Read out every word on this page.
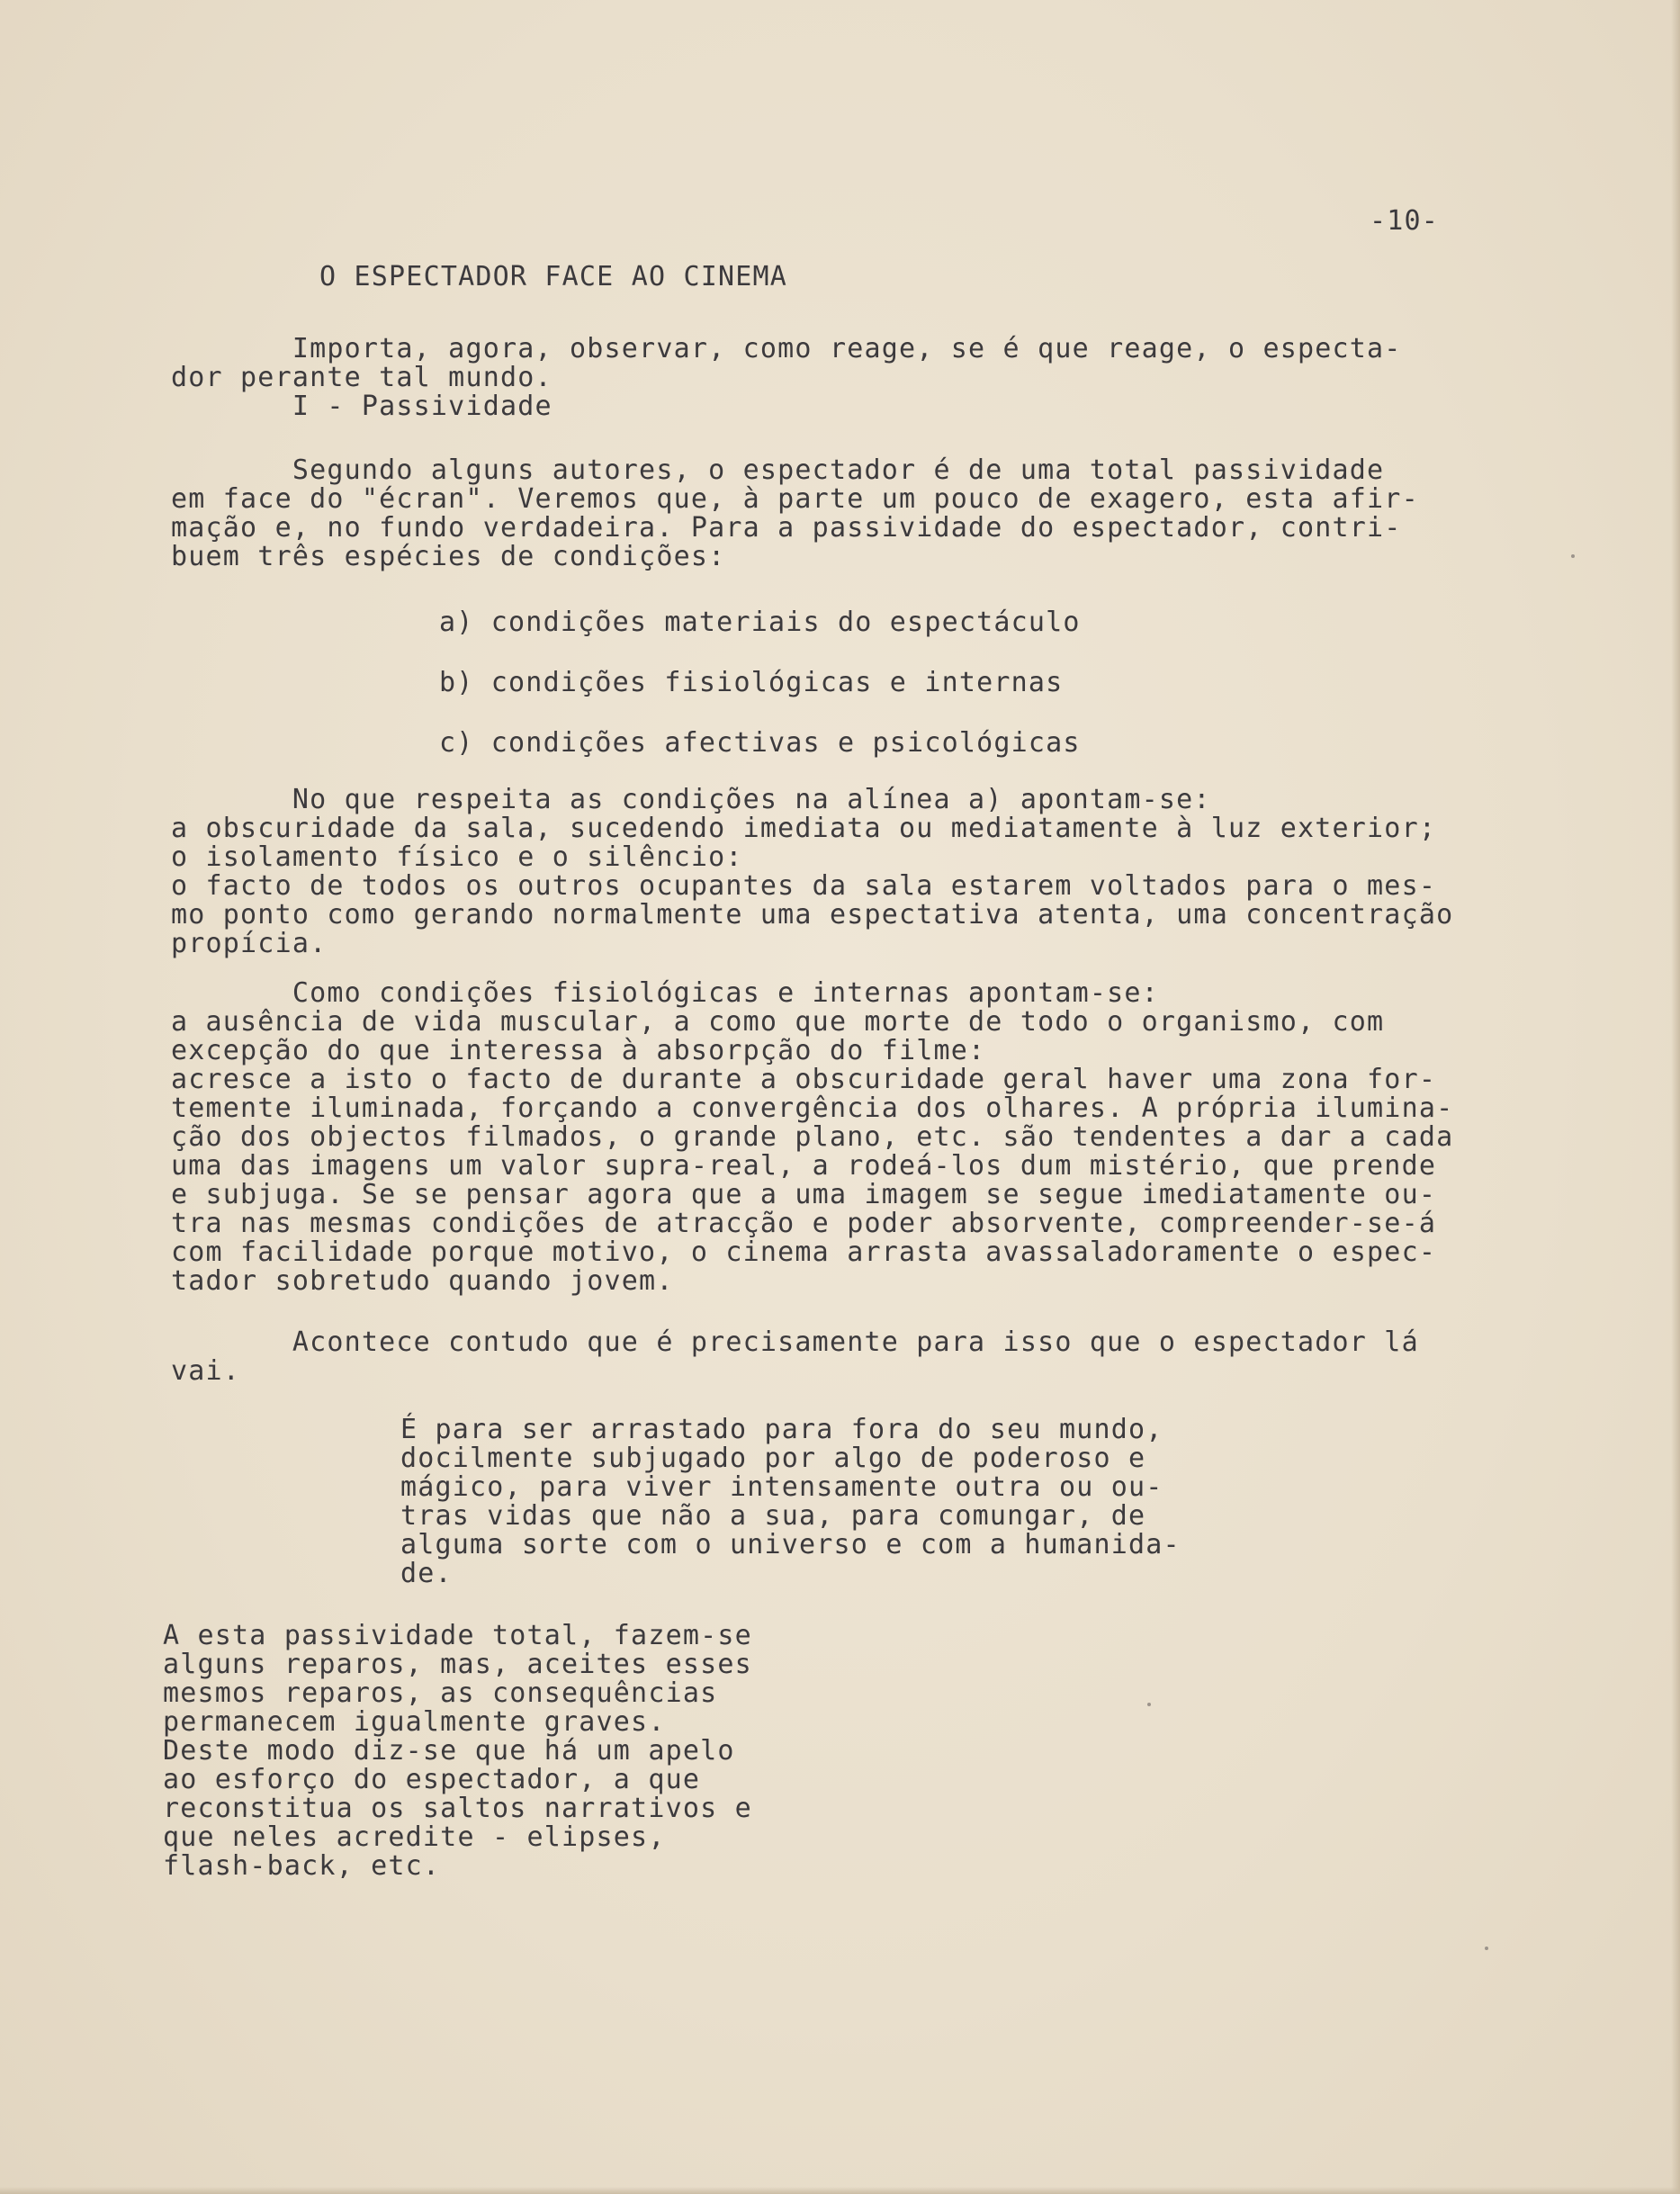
-10-
O ESPECTADOR FACE AO CINEMA
Importa, agora, observar, como reage, se é que reage, o especta-
dor perante tal mundo.
I - Passividade
Segundo alguns autores, o espectador é de uma total passividade
em face do "écran". Veremos que, à parte um pouco de exagero, esta afir-
mação e, no fundo verdadeira. Para a passividade do espectador, contri-
buem três espécies de condições:
a) condições materiais do espectáculo
b) condições fisiológicas e internas
c) condições afectivas e psicológicas
No que respeita as condições na alínea a) apontam-se:
a obscuridade da sala, sucedendo imediata ou mediatamente à luz exterior;
o isolamento físico e o silêncio:
o facto de todos os outros ocupantes da sala estarem voltados para o mes-
mo ponto como gerando normalmente uma espectativa atenta, uma concentração
propícia.
Como condições fisiológicas e internas apontam-se:
a ausência de vida muscular, a como que morte de todo o organismo, com
excepção do que interessa à absorpção do filme:
acresce a isto o facto de durante a obscuridade geral haver uma zona for-
temente iluminada, forçando a convergência dos olhares. A própria ilumina-
ção dos objectos filmados, o grande plano, etc. são tendentes a dar a cada
uma das imagens um valor supra-real, a rodeá-los dum mistério, que prende
e subjuga. Se se pensar agora que a uma imagem se segue imediatamente ou-
tra nas mesmas condições de atracção e poder absorvente, compreender-se-á
com facilidade porque motivo, o cinema arrasta avassaladoramente o espec-
tador sobretudo quando jovem.
Acontece contudo que é precisamente para isso que o espectador lá
vai.
É para ser arrastado para fora do seu mundo,
docilmente subjugado por algo de poderoso e
mágico, para viver intensamente outra ou ou-
tras vidas que não a sua, para comungar, de
alguma sorte com o universo e com a humanida-
de.
A esta passividade total, fazem-se
alguns reparos, mas, aceites esses
mesmos reparos, as consequências
permanecem igualmente graves.
Deste modo diz-se que há um apelo
ao esforço do espectador, a que
reconstitua os saltos narrativos e
que neles acredite - elipses,
flash-back, etc.
